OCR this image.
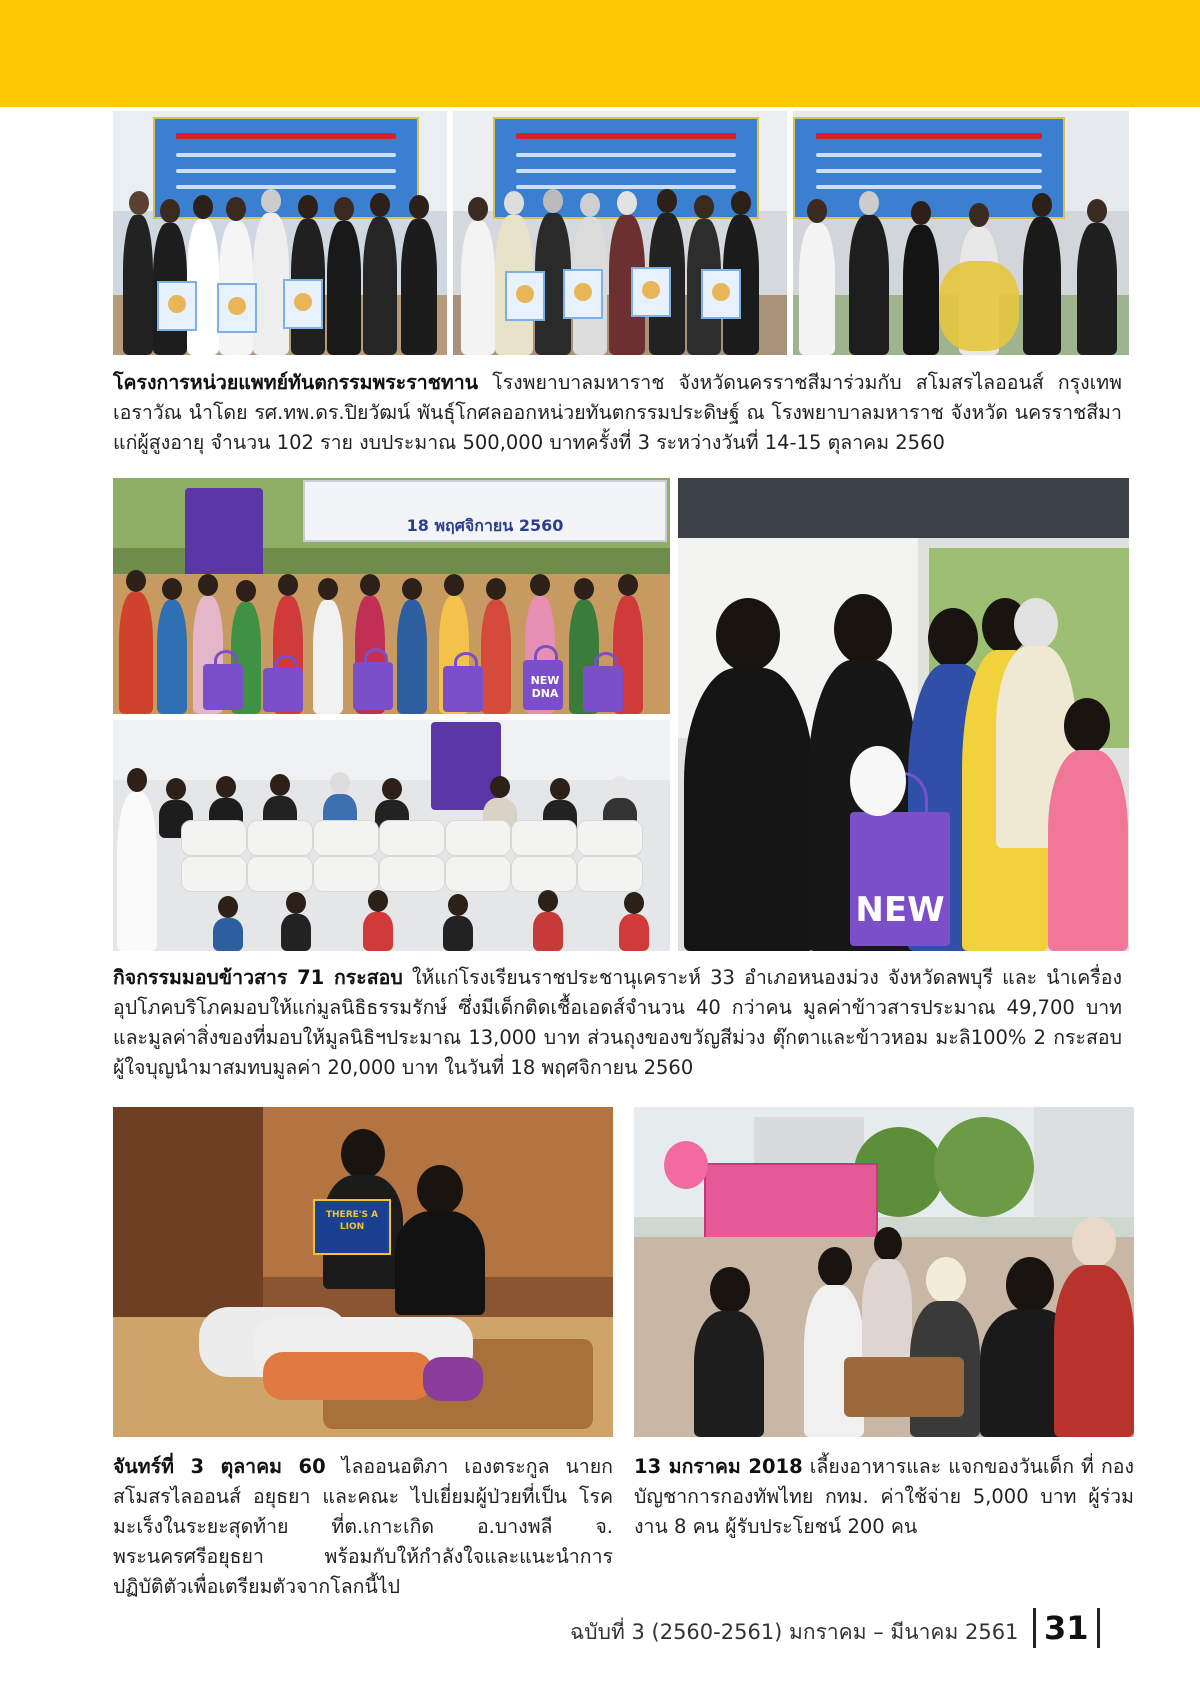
โครงการหน่วยแพทย์ทันตกรรมพระราชทาน โรงพยาบาลมหาราช จังหวัดนครราชสีมาร่วมกับ สโมสรไลออนส์ กรุงเทพเอราวัณ นำโดย รศ.ทพ.ดร.ปิยวัฒน์ พันธุ์โกศลออกหน่วยทันตกรรมประดิษฐ์ ณ โรงพยาบาลมหาราช จังหวัด นครราชสีมาแก่ผู้สูงอายุ จำนวน 102 ราย งบประมาณ 500,000 บาทครั้งที่ 3 ระหว่างวันที่ 14-15 ตุลาคม 2560

18 พฤศจิกายน 2560
NEW DNA
NEW

กิจกรรมมอบข้าวสาร 71 กระสอบ ให้แก่โรงเรียนราชประชานุเคราะห์ 33 อำเภอหนองม่วง จังหวัดลพบุรี และ นำเครื่องอุปโภคบริโภคมอบให้แก่มูลนิธิธรรมรักษ์ ซึ่งมีเด็กติดเชื้อเอดส์จำนวน 40 กว่าคน มูลค่าข้าวสารประมาณ 49,700 บาท และมูลค่าสิ่งของที่มอบให้มูลนิธิฯประมาณ 13,000 บาท ส่วนถุงของขวัญสีม่วง ตุ๊กตาและข้าวหอม มะลิ100% 2 กระสอบผู้ใจบุญนำมาสมทบมูลค่า 20,000 บาท ในวันที่ 18 พฤศจิกายน 2560

THERE'S A LION

จันทร์ที่ 3 ตุลาคม 60 ไลออนอติภา เองตระกูล นายก สโมสรไลออนส์ อยุธยา และคณะ ไปเยี่ยมผู้ป่วยที่เป็น โรคมะเร็งในระยะสุดท้าย ที่ต.เกาะเกิด อ.บางพลี จ. พระนครศรีอยุธยา พร้อมกับให้กำลังใจและแนะนำการ ปฏิบัติตัวเพื่อเตรียมตัวจากโลกนี้ไป

13 มกราคม 2018 เลี้ยงอาหารและ แจกของวันเด็ก ที่ กองบัญชาการกองทัพไทย กทม. ค่าใช้จ่าย 5,000 บาท ผู้ร่วมงาน 8 คน ผู้รับประโยชน์ 200 คน

ฉบับที่ 3 (2560-2561) มกราคม – มีนาคม 2561 31
